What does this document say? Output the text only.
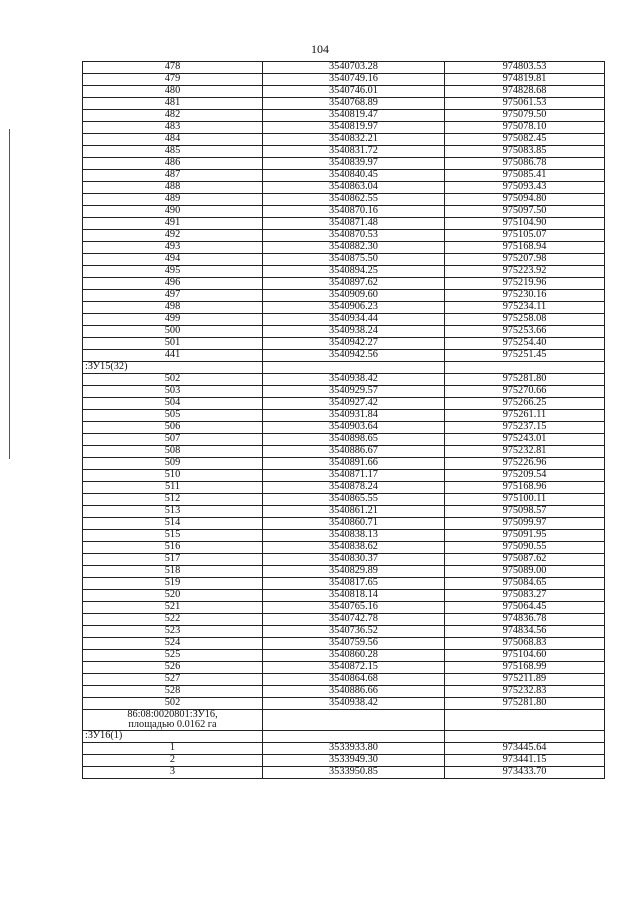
104
478	3540703.28	974803.53
479	3540749.16	974819.81
480	3540746.01	974828.68
481	3540768.89	975061.53
482	3540819.47	975079.50
483	3540819.97	975078.10
484	3540832.21	975082.45
485	3540831.72	975083.85
486	3540839.97	975086.78
487	3540840.45	975085.41
488	3540863.04	975093.43
489	3540862.55	975094.80
490	3540870.16	975097.50
491	3540871.48	975104.90
492	3540870.53	975105.07
493	3540882.30	975168.94
494	3540875.50	975207.98
495	3540894.25	975223.92
496	3540897.62	975219.96
497	3540909.60	975230.16
498	3540906.23	975234.11
499	3540934.44	975258.08
500	3540938.24	975253.66
501	3540942.27	975254.40
441	3540942.56	975251.45
:ЗУ15(32)		
502	3540938.42	975281.80
503	3540929.57	975270.66
504	3540927.42	975266.25
505	3540931.84	975261.11
506	3540903.64	975237.15
507	3540898.65	975243.01
508	3540886.67	975232.81
509	3540891.66	975226.96
510	3540871.17	975209.54
511	3540878.24	975168.96
512	3540865.55	975100.11
513	3540861.21	975098.57
514	3540860.71	975099.97
515	3540838.13	975091.95
516	3540838.62	975090.55
517	3540830.37	975087.62
518	3540829.89	975089.00
519	3540817.65	975084.65
520	3540818.14	975083.27
521	3540765.16	975064.45
522	3540742.78	974836.78
523	3540736.52	974834.56
524	3540759.56	975068.83
525	3540860.28	975104.60
526	3540872.15	975168.99
527	3540864.68	975211.89
528	3540886.66	975232.83
502	3540938.42	975281.80

86:08:0020801:ЗУ16,
площадью 0.0162 га		

:ЗУ16(1)		
1	3533933.80	973445.64
2	3533949.30	973441.15
3	3533950.85	973433.70
